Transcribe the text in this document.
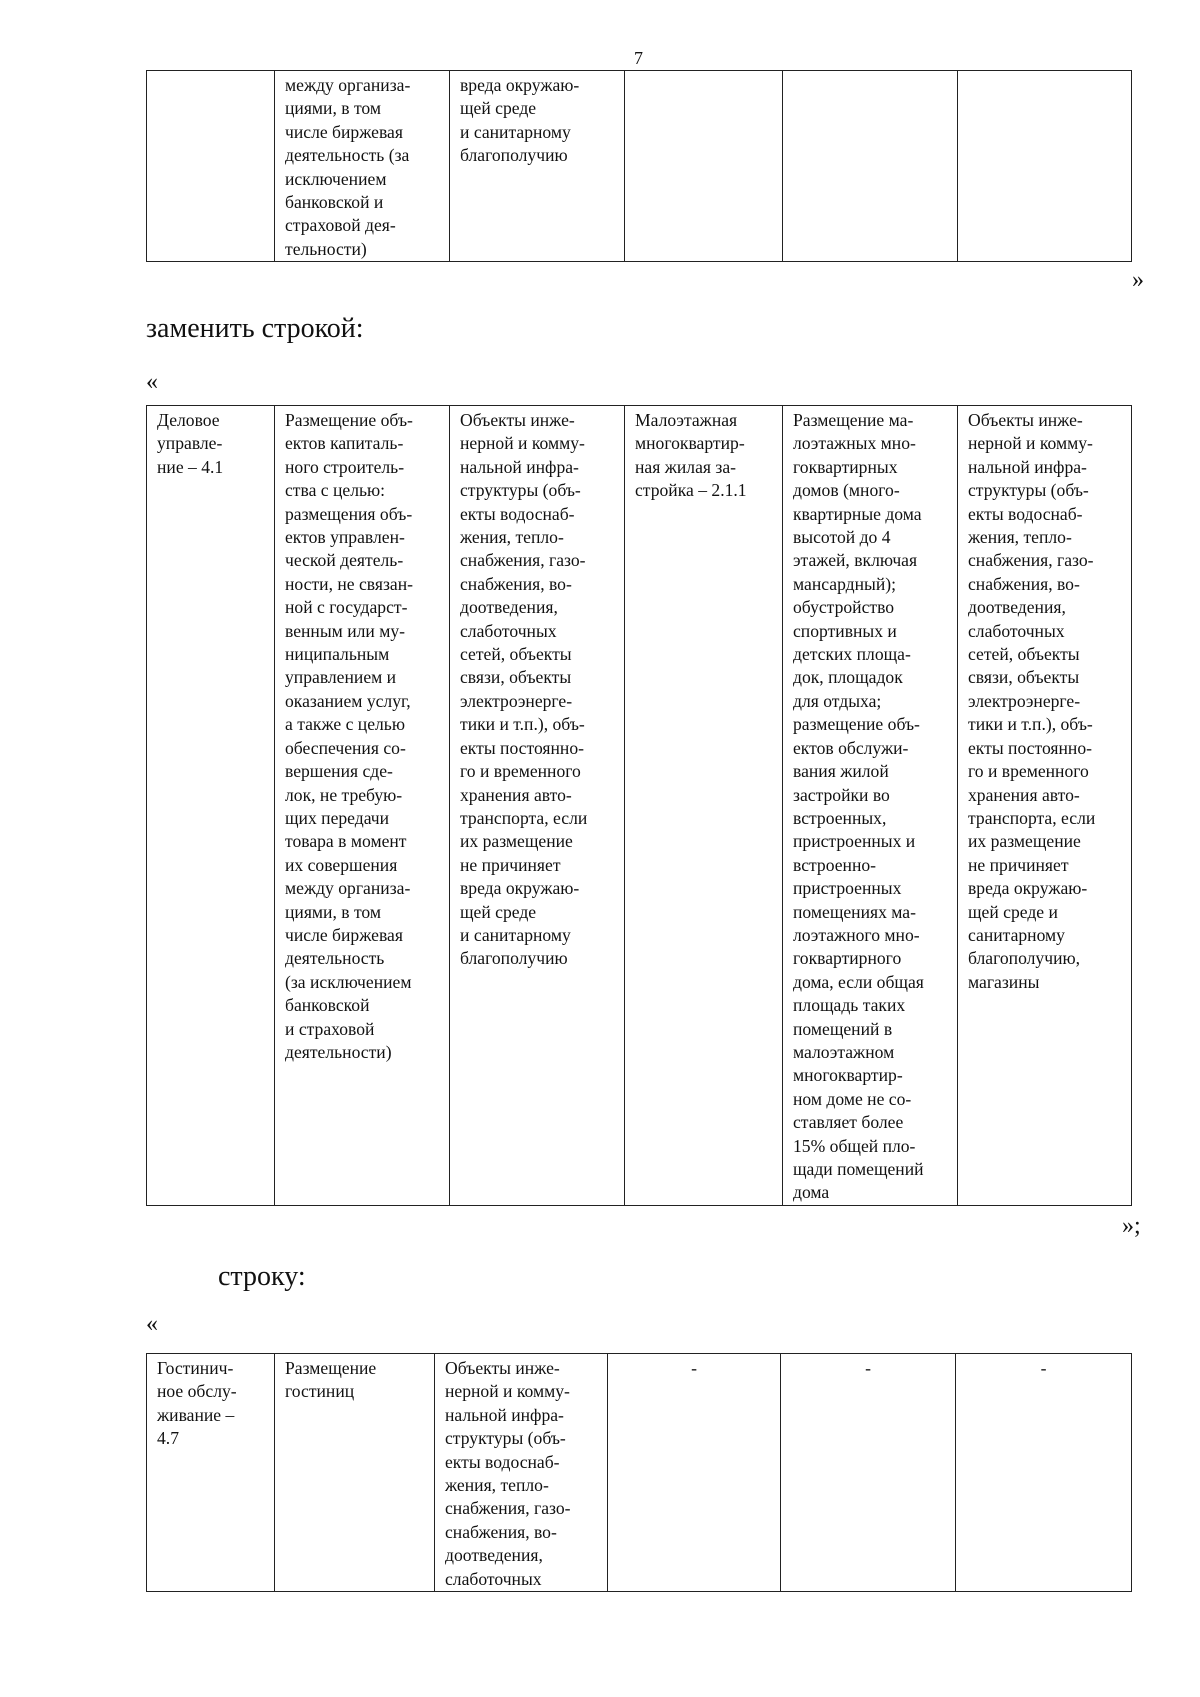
7

между организа-
циями, в том
числе биржевая
деятельность (за
исключением
банковской и
страховой дея-
тельности)

вреда окружаю-
щей среде
и санитарному
благополучию

»
заменить строкой:
«
Деловое
управле-
ние – 4.1

Размещение объ-
ектов капиталь-
ного строитель-
ства с целью:
размещения объ-
ектов управлен-
ческой деятель-
ности, не связан-
ной с государст-
венным или му-
ниципальным
управлением и
оказанием услуг,
а также с целью
обеспечения со-
вершения сде-
лок, не требую-
щих передачи
товара в момент
их совершения
между организа-
циями, в том
числе биржевая
деятельность
(за исключением
банковской
и страховой
деятельности)

Объекты инже-
нерной и комму-
нальной инфра-
структуры (объ-
екты водоснаб-
жения, тепло-
снабжения, газо-
снабжения, во-
доотведения,
слаботочных
сетей, объекты
связи, объекты
электроэнерге-
тики и т.п.), объ-
екты постоянно-
го и временного
хранения авто-
транспорта, если
их размещение
не причиняет
вреда окружаю-
щей среде
и санитарному
благополучию

Малоэтажная
многоквартир-
ная жилая за-
стройка – 2.1.1

Размещение ма-
лоэтажных мно-
гоквартирных
домов (много-
квартирные дома
высотой до 4
этажей, включая
мансардный);
обустройство
спортивных и
детских площа-
док, площадок
для отдыха;
размещение объ-
ектов обслужи-
вания жилой
застройки во
встроенных,
пристроенных и
встроенно-
пристроенных
помещениях ма-
лоэтажного мно-
гоквартирного
дома, если общая
площадь таких
помещений в
малоэтажном
многоквартир-
ном доме не со-
ставляет более
15% общей пло-
щади помещений
дома

Объекты инже-
нерной и комму-
нальной инфра-
структуры (объ-
екты водоснаб-
жения, тепло-
снабжения, газо-
снабжения, во-
доотведения,
слаботочных
сетей, объекты
связи, объекты
электроэнерге-
тики и т.п.), объ-
екты постоянно-
го и временного
хранения авто-
транспорта, если
их размещение
не причиняет
вреда окружаю-
щей среде и
санитарному
благополучию,
магазины
»;
строку:
«
Гостинич-
ное обслу-
живание –
4.7

Размещение
гостиниц

Объекты инже-
нерной и комму-
нальной инфра-
структуры (объ-
екты водоснаб-
жения, тепло-
снабжения, газо-
снабжения, во-
доотведения,
слаботочных

-	-	-
